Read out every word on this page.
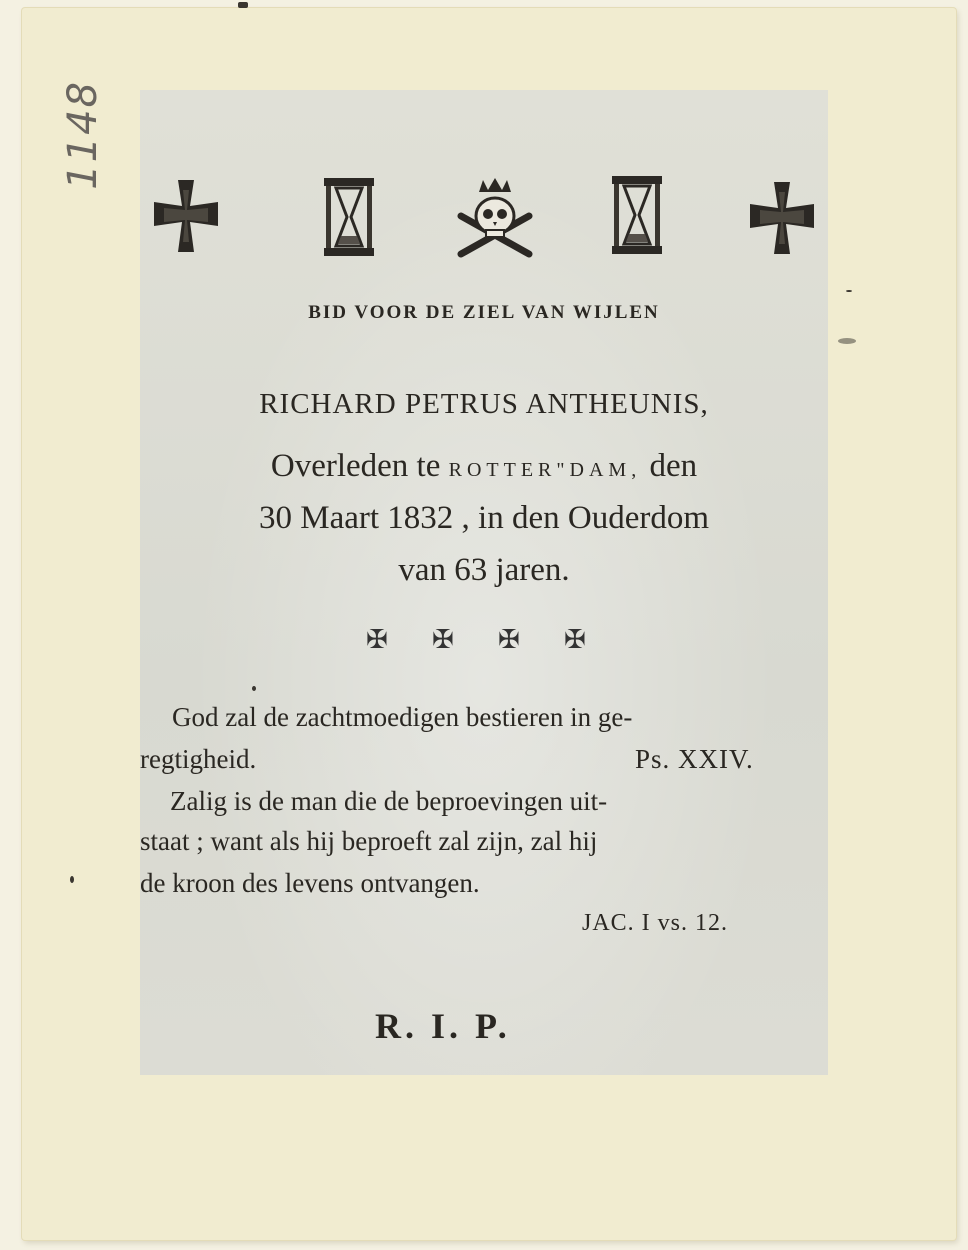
1148
BID VOOR DE ZIEL VAN WIJLEN
RICHARD PETRUS ANTHEUNIS,
Overleden te ROTTER"DAM, den
30 Maart 1832 , in den Ouderdom
van 63 jaren.
✠ ✠ ✠ ✠
God zal de zachtmoedigen bestieren in ge-
regtigheid.	Ps. XXIV.
Zalig is de man die de beproevingen uit-
staat ; want als hij beproeft zal zijn, zal hij
de kroon des levens ontvangen.
JAC. I vs. 12.
R. I. P.
